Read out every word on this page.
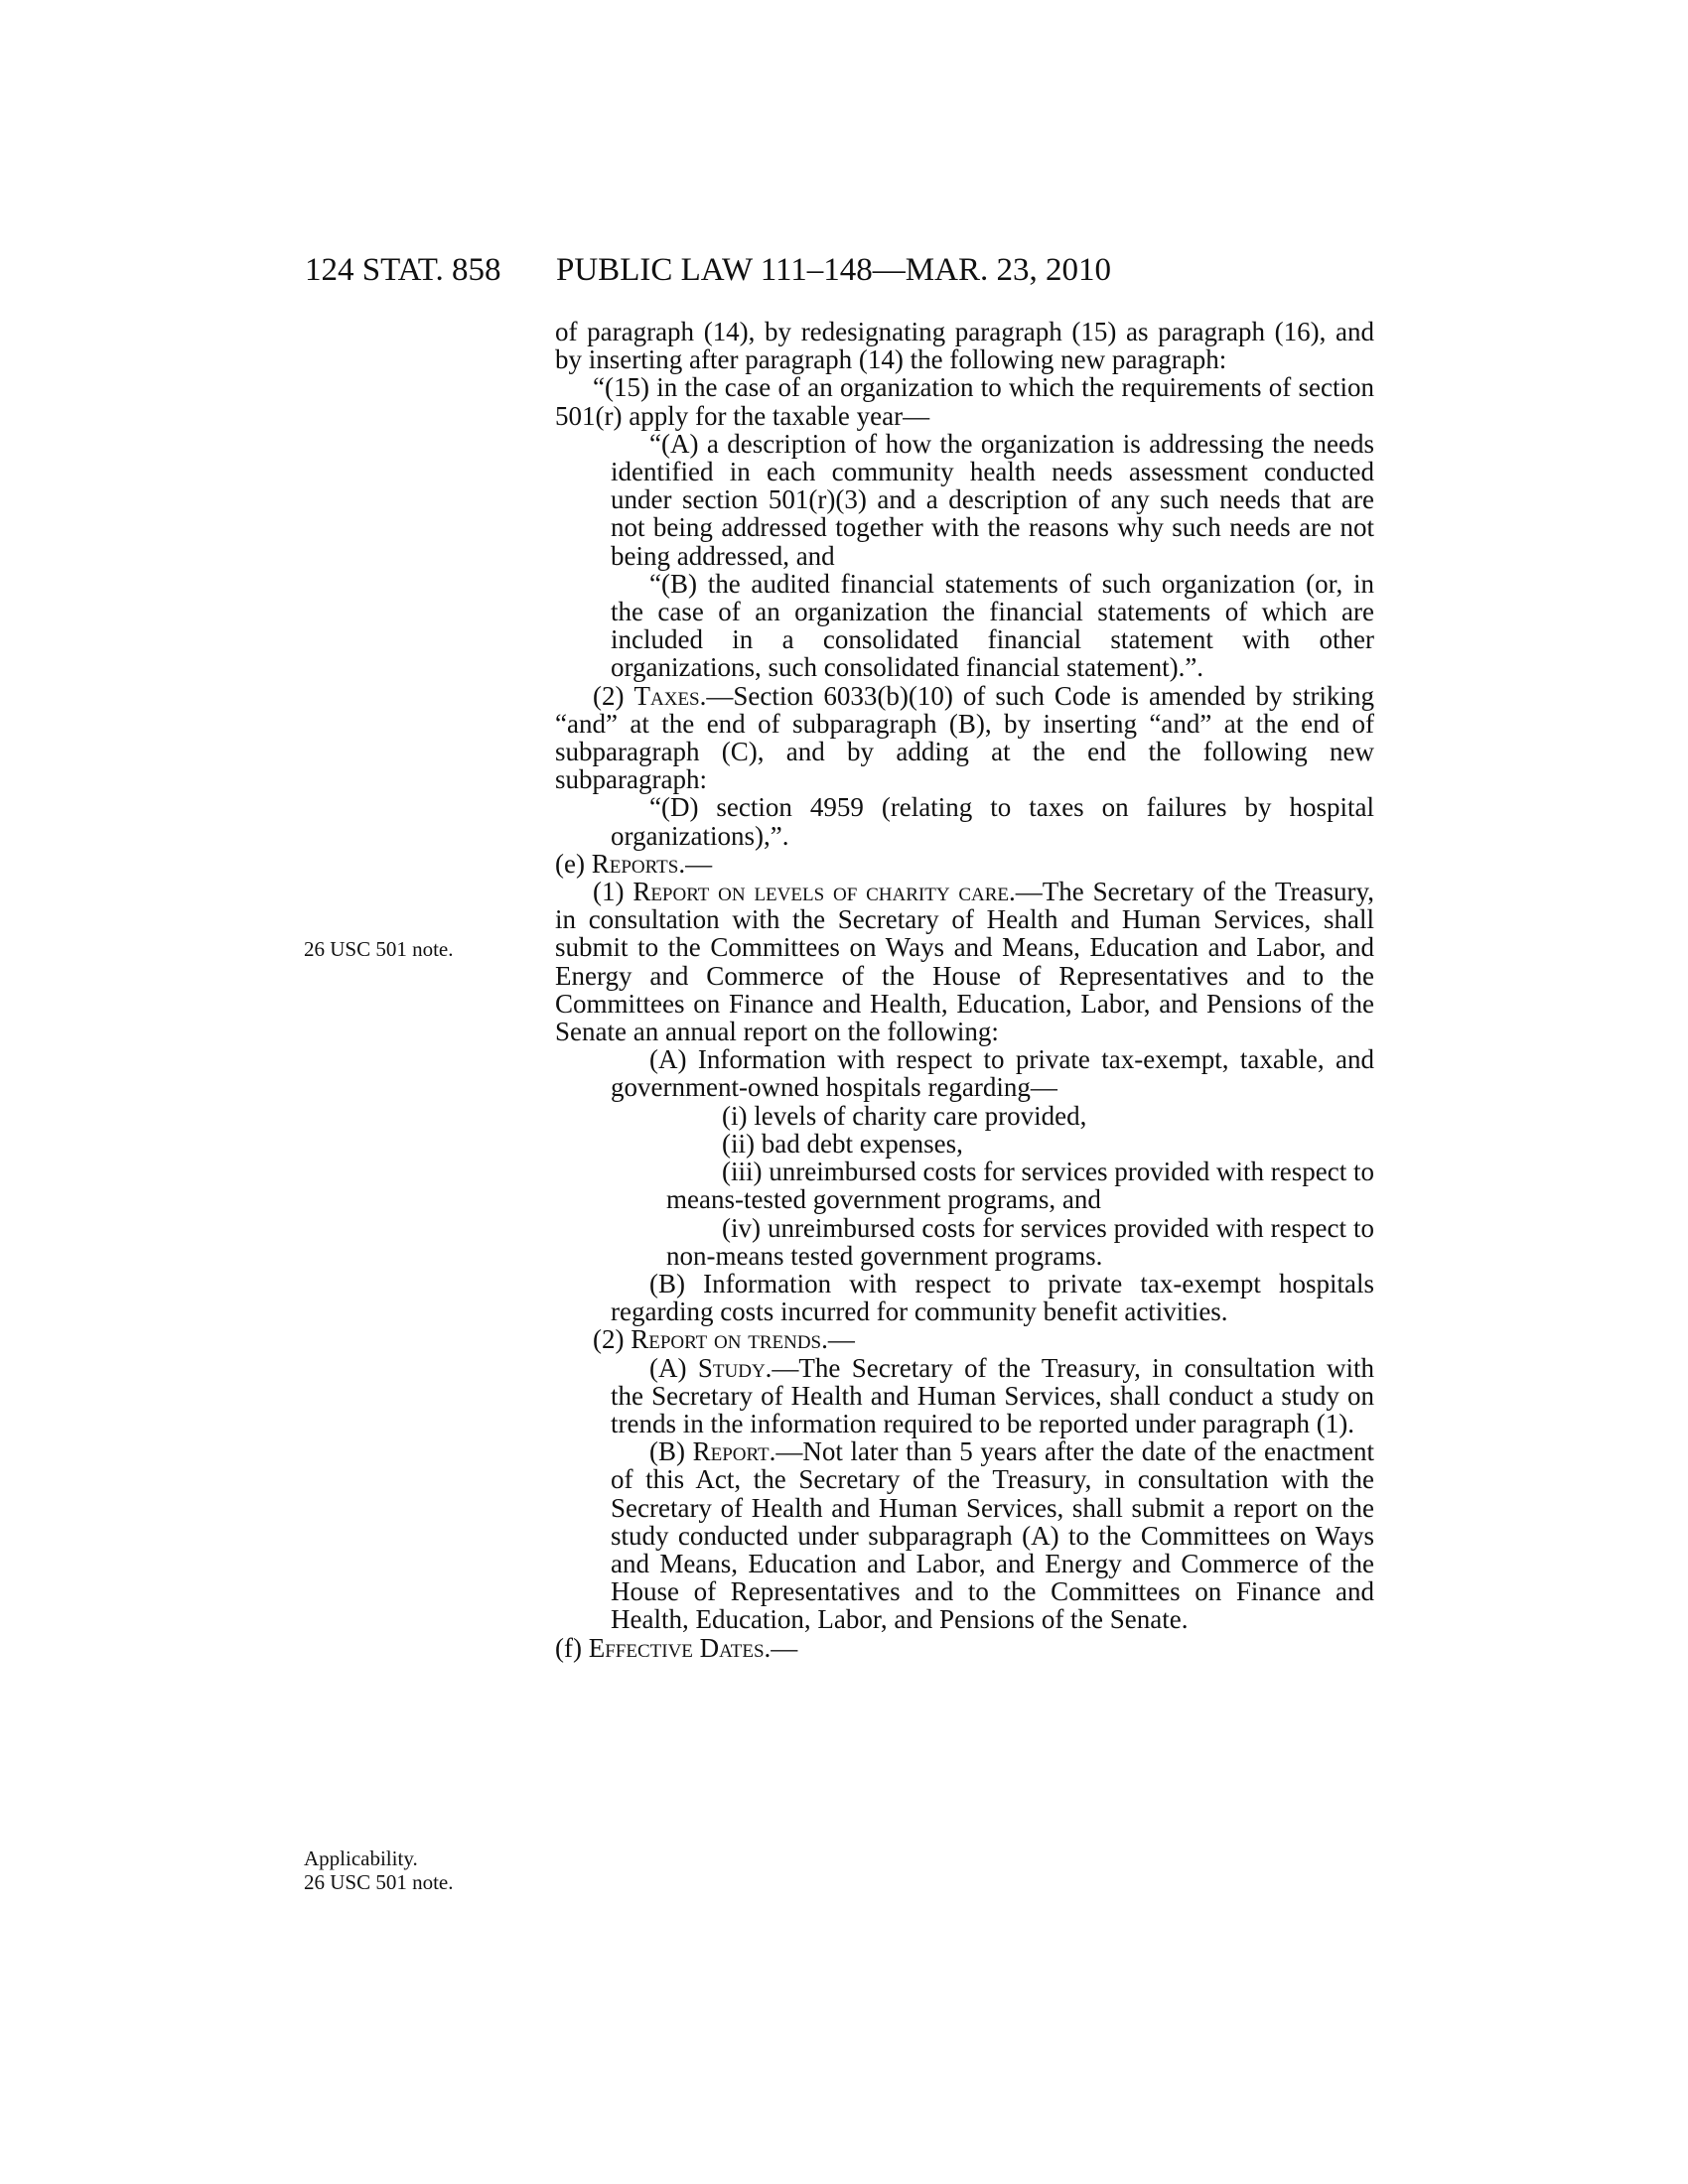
124 STAT. 858 PUBLIC LAW 111–148—MAR. 23, 2010
26 USC 501 note.
Applicability.
26 USC 501 note.

of paragraph (14), by redesignating paragraph (15) as paragraph (16), and by inserting after paragraph (14) the following new paragraph:

“(15) in the case of an organization to which the requirements of section 501(r) apply for the taxable year—

“(A) a description of how the organization is addressing the needs identified in each community health needs assessment conducted under section 501(r)(3) and a description of any such needs that are not being addressed together with the reasons why such needs are not being addressed, and

“(B) the audited financial statements of such organization (or, in the case of an organization the financial statements of which are included in a consolidated financial statement with other organizations, such consolidated financial statement).”.

(2) Taxes.—Section 6033(b)(10) of such Code is amended by striking “and” at the end of subparagraph (B), by inserting “and” at the end of subparagraph (C), and by adding at the end the following new subparagraph:

“(D) section 4959 (relating to taxes on failures by hospital organizations),”.

(e) Reports.—

(1) Report on levels of charity care.—The Secretary of the Treasury, in consultation with the Secretary of Health and Human Services, shall submit to the Committees on Ways and Means, Education and Labor, and Energy and Commerce of the House of Representatives and to the Committees on Finance and Health, Education, Labor, and Pensions of the Senate an annual report on the following:

(A) Information with respect to private tax-exempt, taxable, and government-owned hospitals regarding—

(i) levels of charity care provided,

(ii) bad debt expenses,

(iii) unreimbursed costs for services provided with respect to means-tested government programs, and

(iv) unreimbursed costs for services provided with respect to non-means tested government programs.

(B) Information with respect to private tax-exempt hospitals regarding costs incurred for community benefit activities.

(2) Report on trends.—

(A) Study.—The Secretary of the Treasury, in consultation with the Secretary of Health and Human Services, shall conduct a study on trends in the information required to be reported under paragraph (1).

(B) Report.—Not later than 5 years after the date of the enactment of this Act, the Secretary of the Treasury, in consultation with the Secretary of Health and Human Services, shall submit a report on the study conducted under subparagraph (A) to the Committees on Ways and Means, Education and Labor, and Energy and Commerce of the House of Representatives and to the Committees on Finance and Health, Education, Labor, and Pensions of the Senate.

(f) Effective Dates.—
